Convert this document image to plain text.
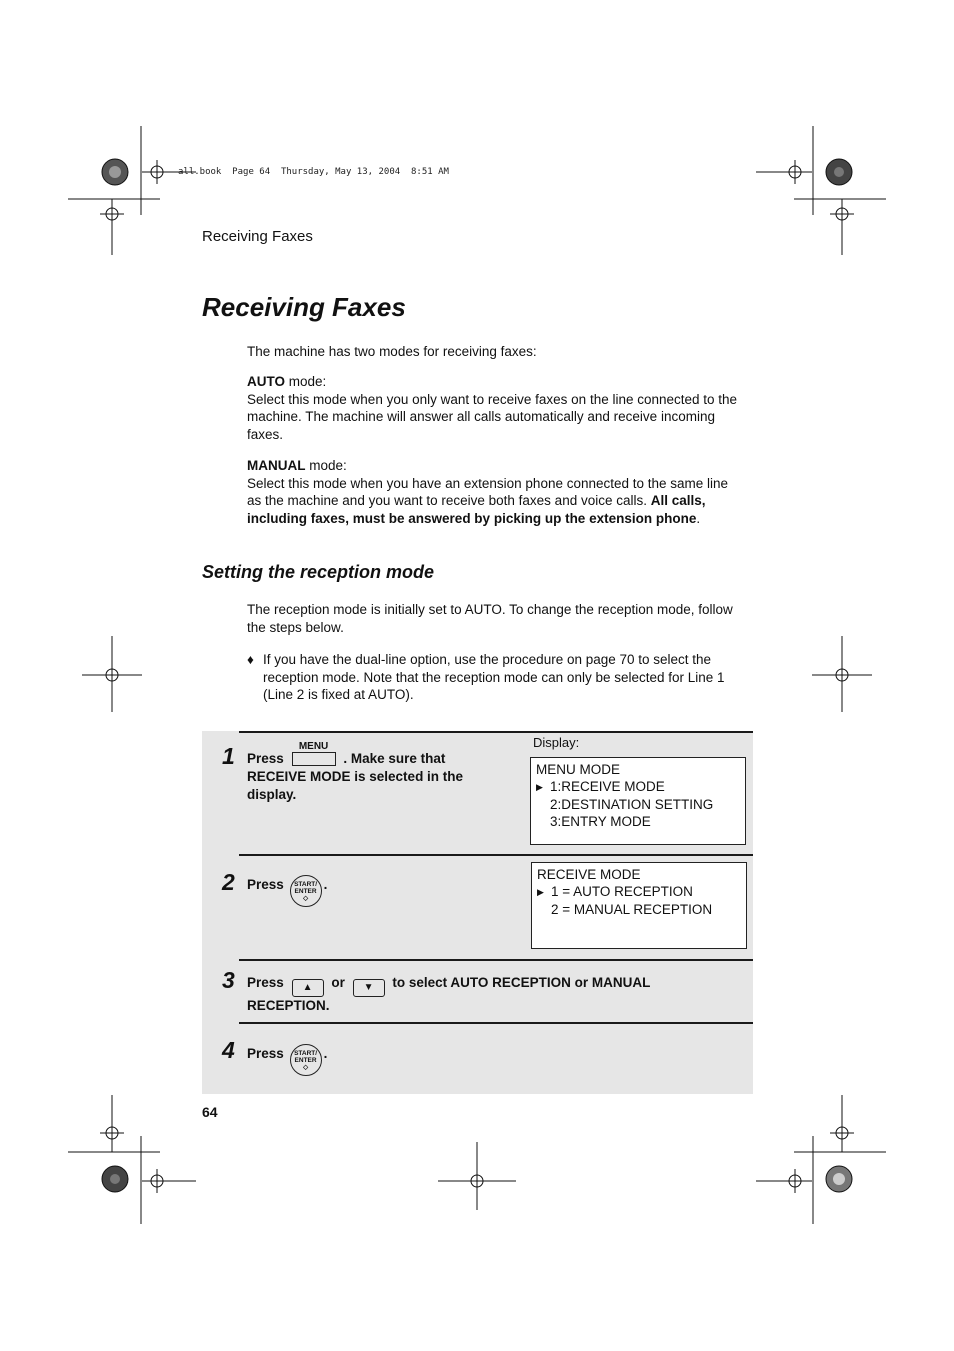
all.book  Page 64  Thursday, May 13, 2004  8:51 AM
Receiving Faxes
Receiving Faxes
The machine has two modes for receiving faxes:
AUTO mode:
Select this mode when you only want to receive faxes on the line connected to the machine. The machine will answer all calls automatically and receive incoming faxes.
MANUAL mode:
Select this mode when you have an extension phone connected to the same line as the machine and you want to receive both faxes and voice calls. All calls, including faxes, must be answered by picking up the extension phone.
Setting the reception mode
The reception mode is initially set to AUTO. To change the reception mode, follow the steps below.
♦ If you have the dual-line option, use the procedure on page 70 to select the reception mode. Note that the reception mode can only be selected for Line 1 (Line 2 is fixed at AUTO).
Display:
1 Press
MENU
. Make sure that
RECEIVE MODE is selected in the
display.
MENU MODE
▶ 1:RECEIVE MODE
2:DESTINATION SETTING
3:ENTRY MODE
2 Press START/
ENTER
◇.
RECEIVE MODE
▶ 1 = AUTO RECEPTION
2 = MANUAL RECEPTION
3 Press ▲ or ▼ to select AUTO RECEPTION or MANUAL
RECEPTION.
4 Press START/
ENTER
◇.
64
